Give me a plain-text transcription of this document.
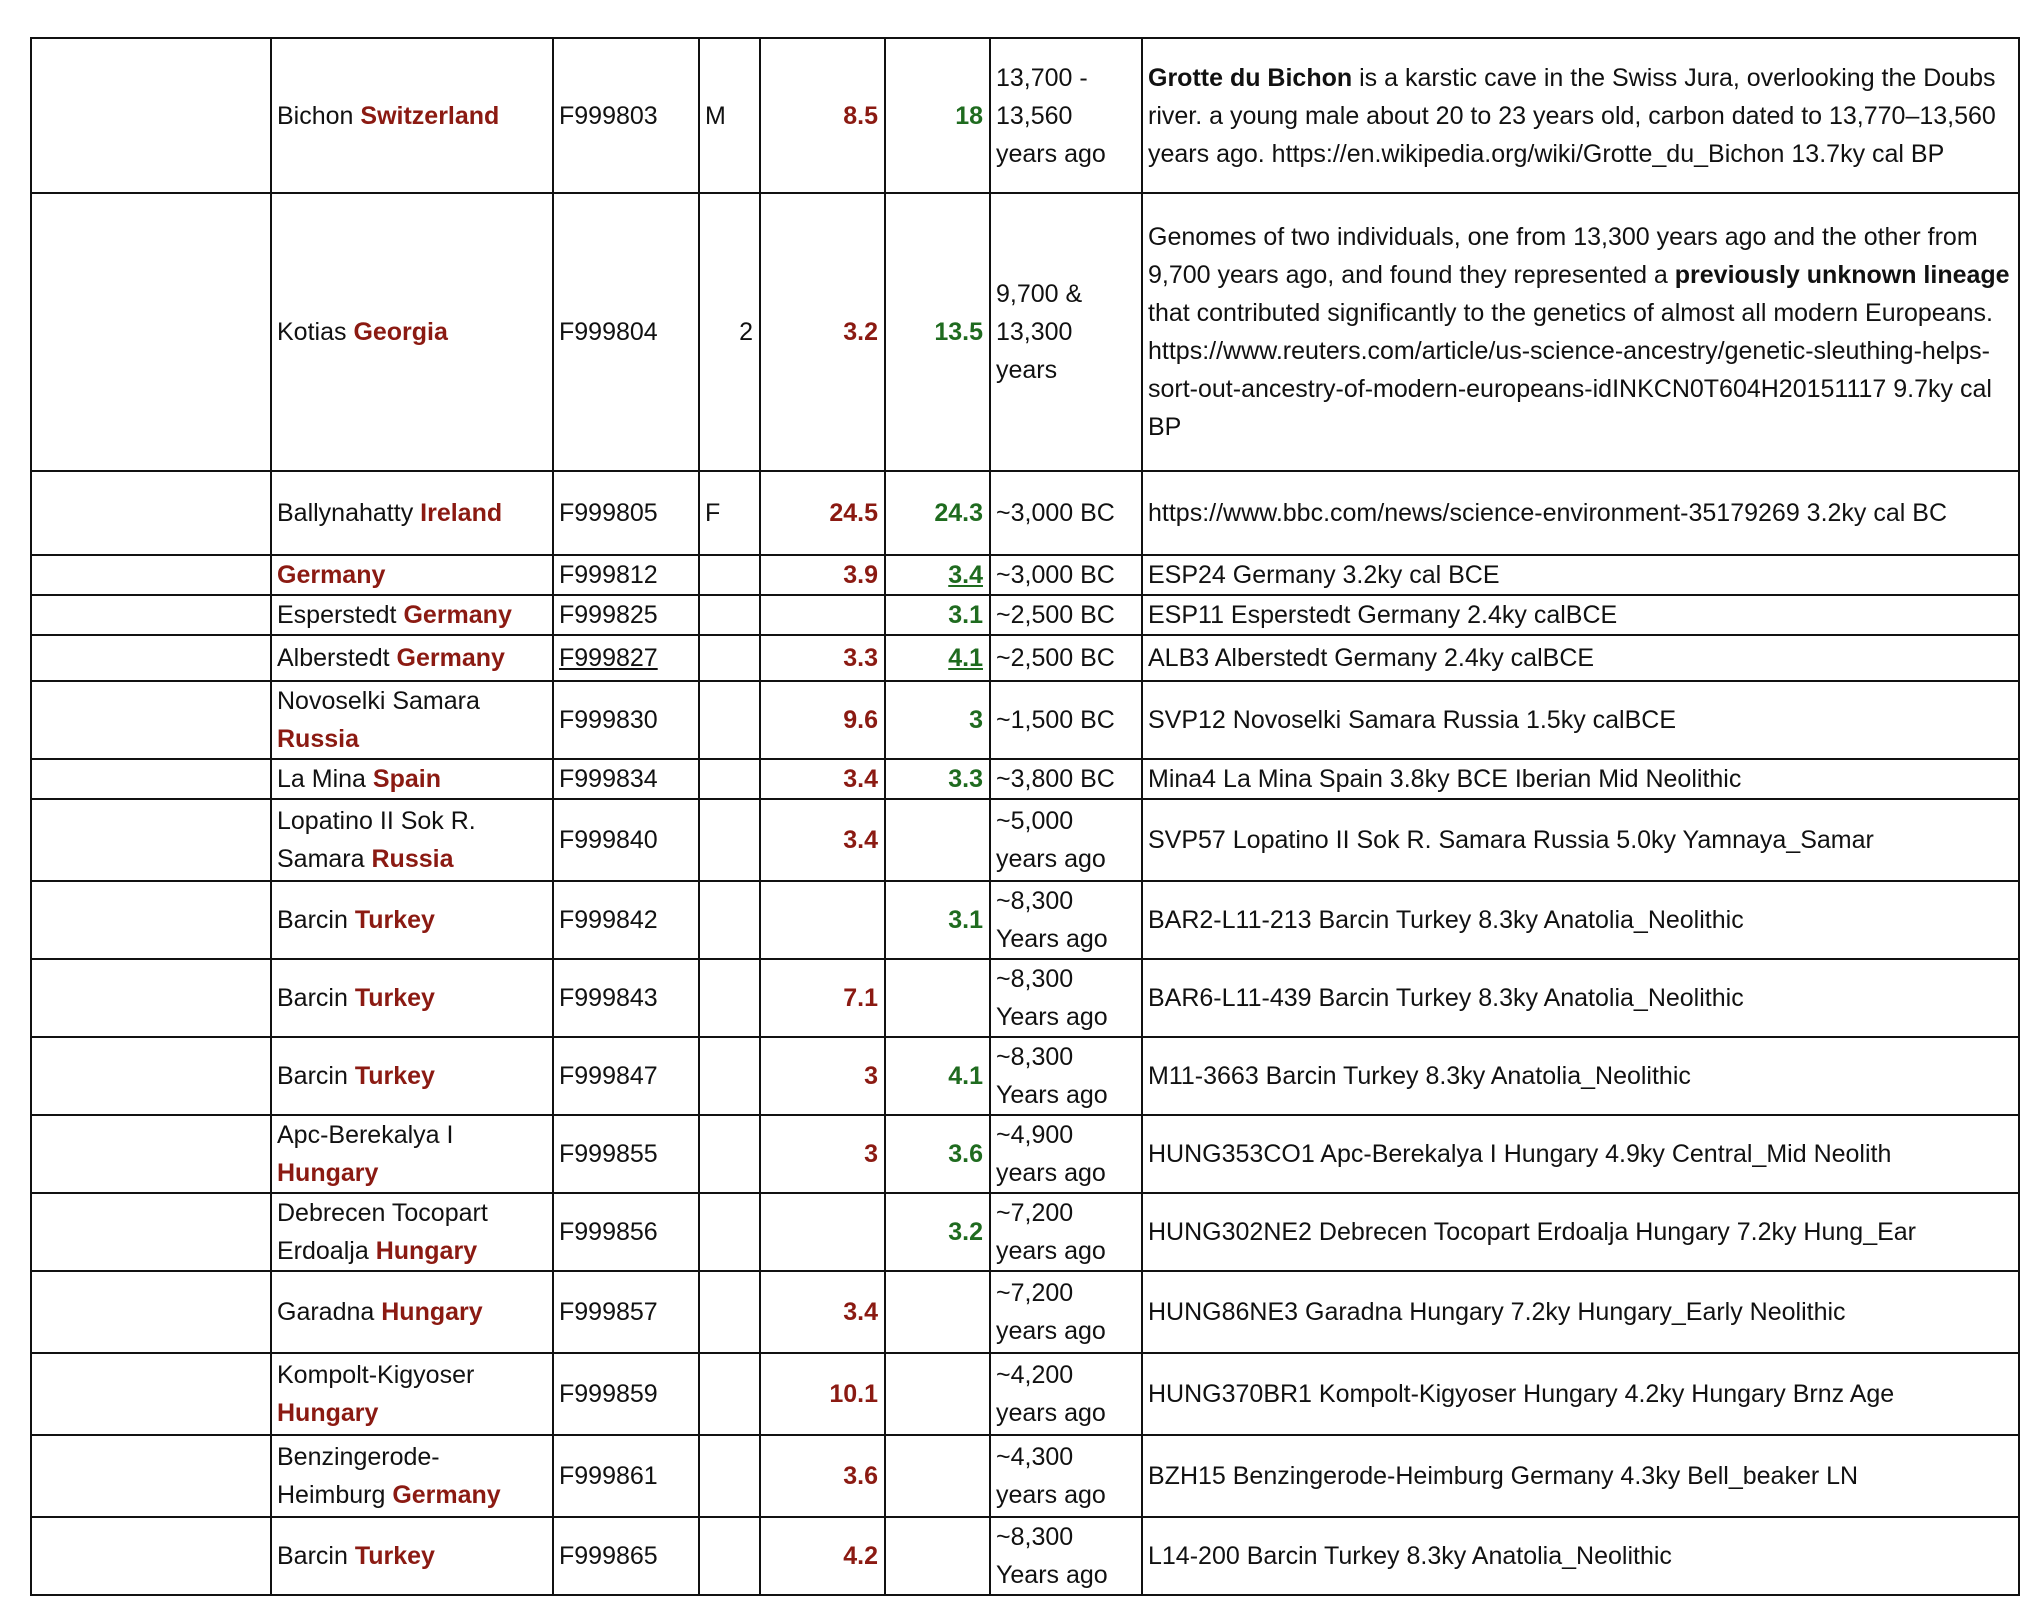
	Bichon Switzerland	F999803	M	8.5	18	13,700 - 13,560 years ago	Grotte du Bichon is a karstic cave in the Swiss Jura, overlooking the Doubs river. a young male about 20 to 23 years old, carbon dated to 13,770–13,560 years ago. https://en.wikipedia.org/wiki/Grotte_du_Bichon 13.7ky cal BP
	Kotias Georgia	F999804	2	3.2	13.5	9,700 & 13,300 years	Genomes of two individuals, one from 13,300 years ago and the other from 9,700 years ago, and found they represented a previously unknown lineage that contributed significantly to the genetics of almost all modern Europeans. https://www.reuters.com/article/us-science-ancestry/genetic-sleuthing-helps-sort-out-ancestry-of-modern-europeans-idINKCN0T604H20151117 9.7ky cal BP
	Ballynahatty Ireland	F999805	F	24.5	24.3	~3,000 BC	https://www.bbc.com/news/science-environment-35179269 3.2ky cal BC
	Germany	F999812		3.9	3.4	~3,000 BC	ESP24 Germany 3.2ky cal BCE
	Esperstedt Germany	F999825			3.1	~2,500 BC	ESP11 Esperstedt Germany 2.4ky calBCE
	Alberstedt Germany	F999827		3.3	4.1	~2,500 BC	ALB3 Alberstedt Germany 2.4ky calBCE
	Novoselki Samara Russia	F999830		9.6	3	~1,500 BC	SVP12 Novoselki Samara Russia 1.5ky calBCE
	La Mina Spain	F999834		3.4	3.3	~3,800 BC	Mina4 La Mina Spain 3.8ky BCE Iberian Mid Neolithic
	Lopatino II Sok R. Samara Russia	F999840		3.4		~5,000 years ago	SVP57 Lopatino II Sok R. Samara Russia 5.0ky Yamnaya_Samar
	Barcin Turkey	F999842			3.1	~8,300 Years ago	BAR2-L11-213 Barcin Turkey 8.3ky Anatolia_Neolithic
	Barcin Turkey	F999843		7.1		~8,300 Years ago	BAR6-L11-439 Barcin Turkey 8.3ky Anatolia_Neolithic
	Barcin Turkey	F999847		3	4.1	~8,300 Years ago	M11-3663 Barcin Turkey 8.3ky Anatolia_Neolithic
	Apc-Berekalya I Hungary	F999855		3	3.6	~4,900 years ago	HUNG353CO1 Apc-Berekalya I Hungary 4.9ky Central_Mid Neolith
	Debrecen Tocopart Erdoalja Hungary	F999856			3.2	~7,200 years ago	HUNG302NE2 Debrecen Tocopart Erdoalja Hungary 7.2ky Hung_Ear
	Garadna Hungary	F999857		3.4		~7,200 years ago	HUNG86NE3 Garadna Hungary 7.2ky Hungary_Early Neolithic
	Kompolt-Kigyoser Hungary	F999859		10.1		~4,200 years ago	HUNG370BR1 Kompolt-Kigyoser Hungary 4.2ky Hungary Brnz Age
	Benzingerode-Heimburg Germany	F999861		3.6		~4,300 years ago	BZH15 Benzingerode-Heimburg Germany 4.3ky Bell_beaker LN
	Barcin Turkey	F999865		4.2		~8,300 Years ago	L14-200 Barcin Turkey 8.3ky Anatolia_Neolithic
